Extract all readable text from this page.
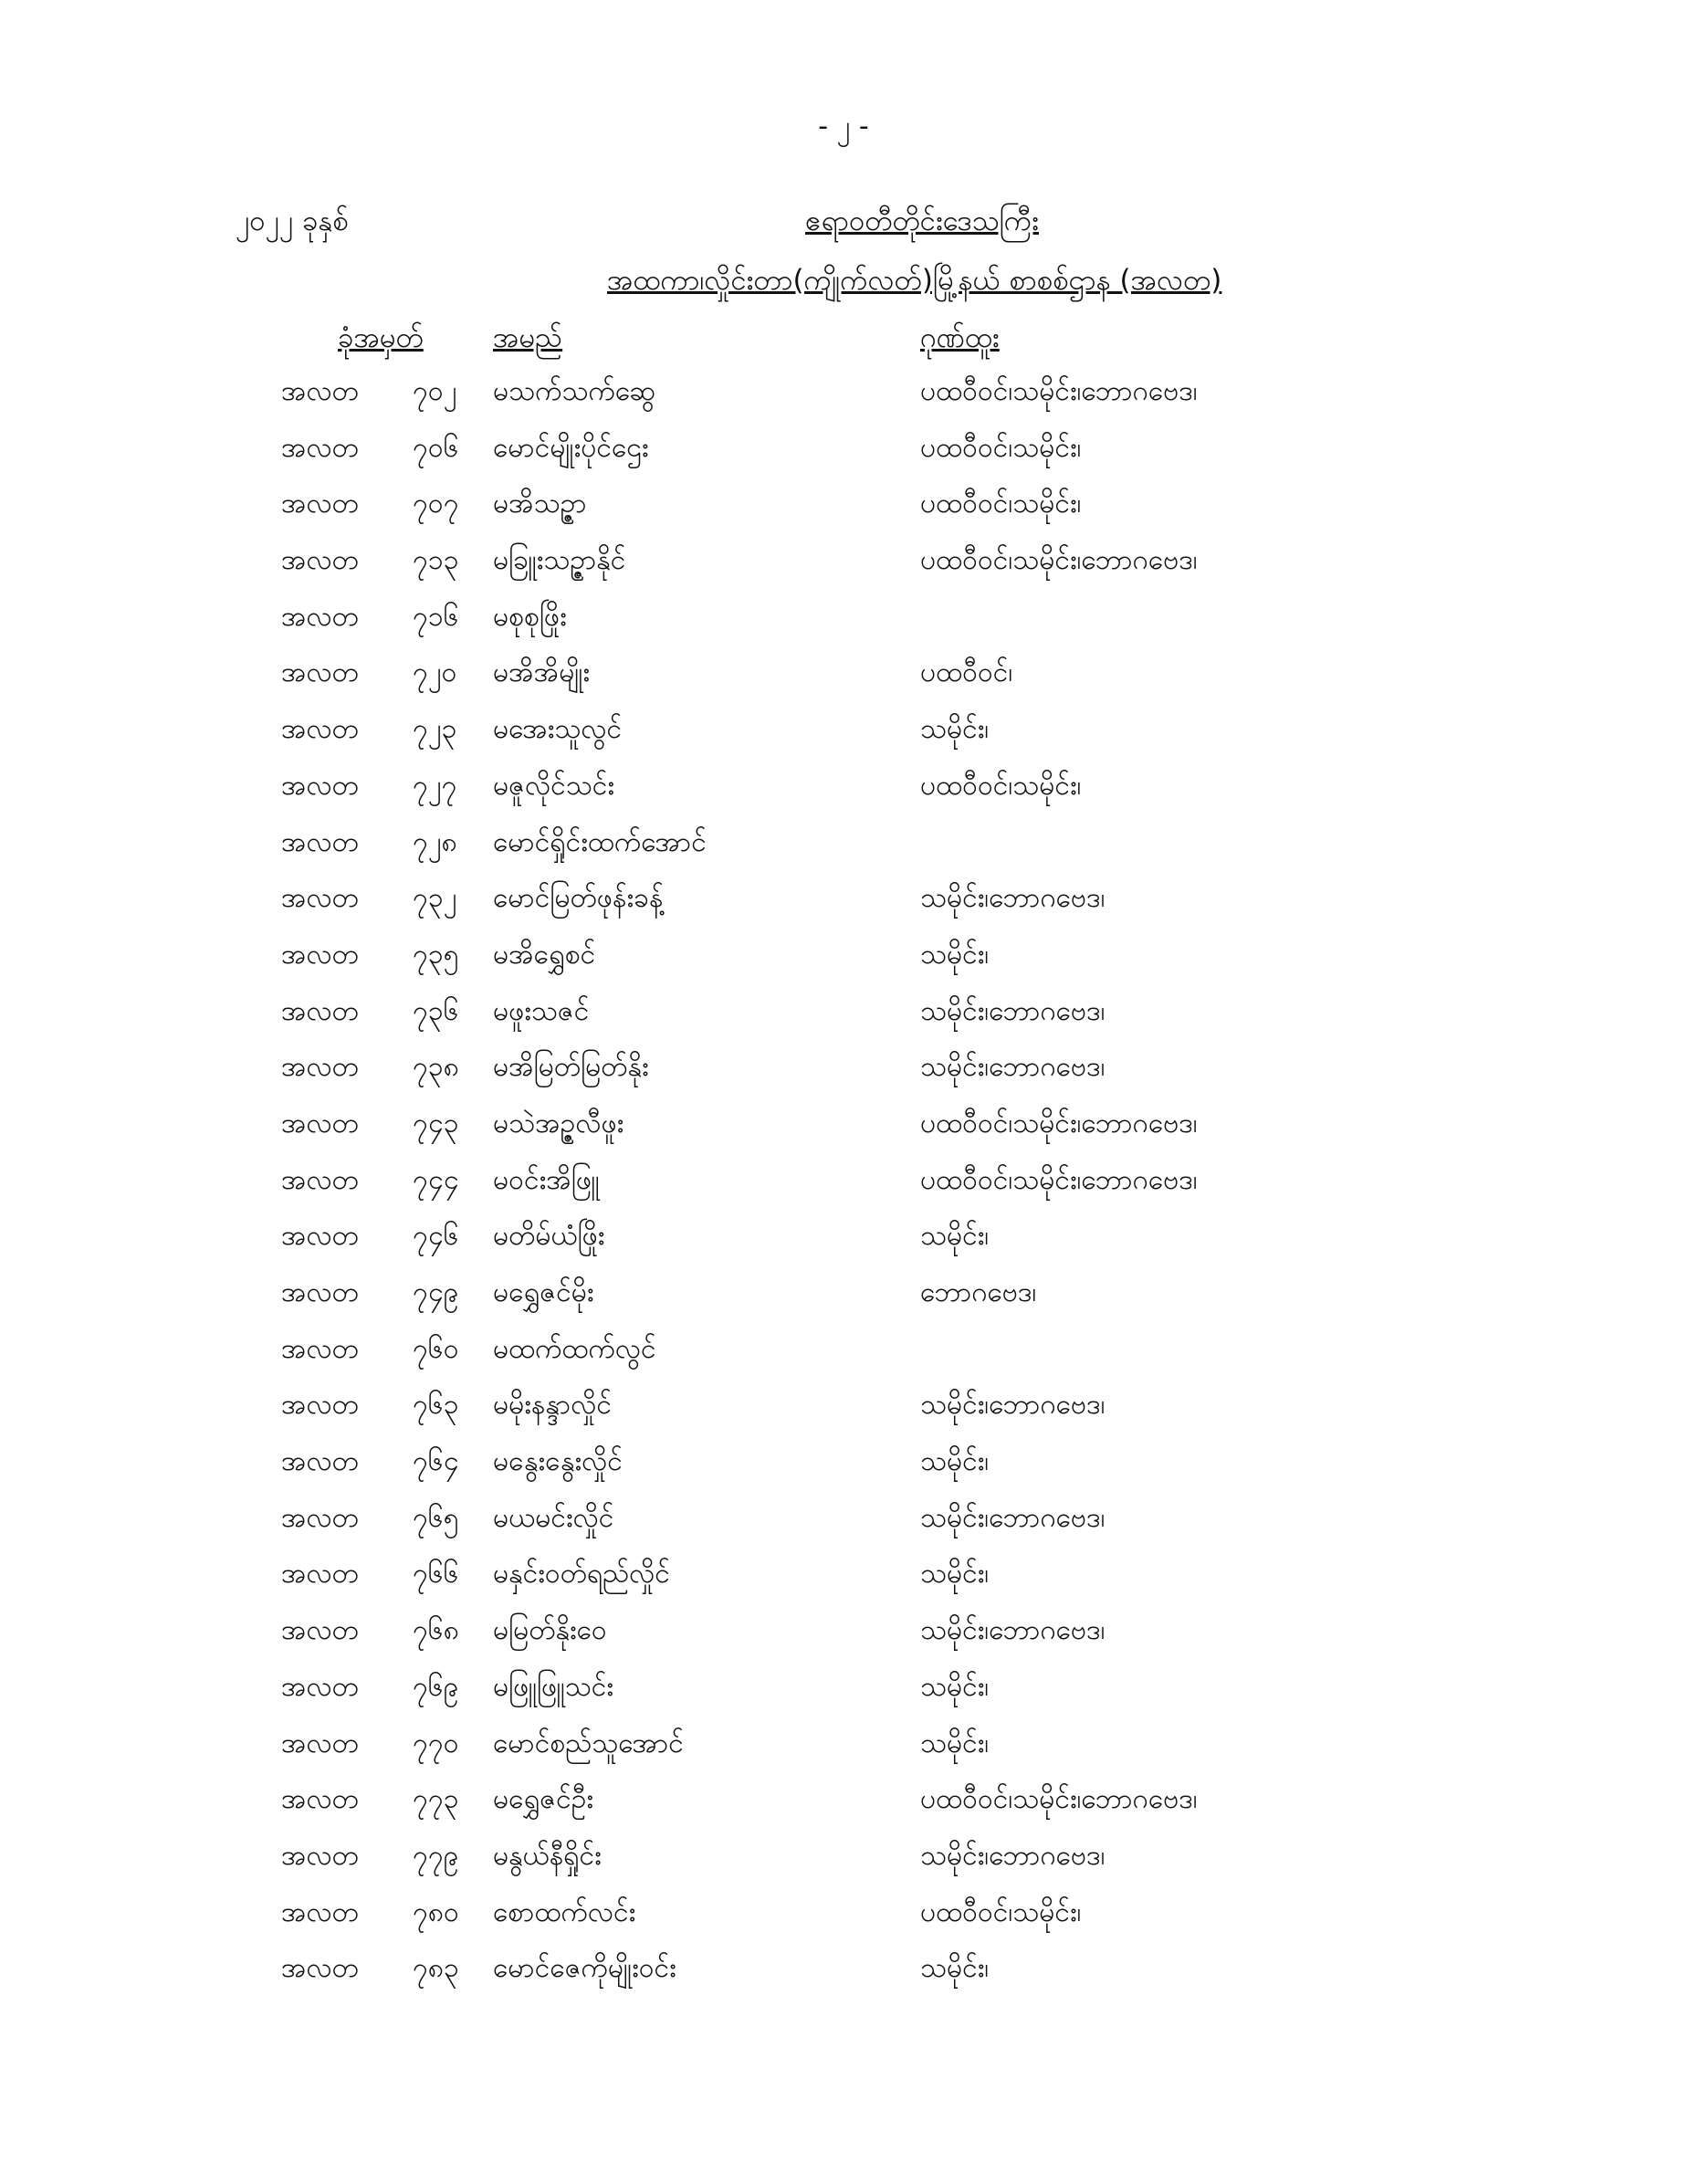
- ၂ -
၂၀၂၂ ခုနှစ်	ဧရာဝတီတိုင်းဒေသကြီး
အထကာ၊လှိုင်းတာ(ကျိုက်လတ်)မြို့နယ် စာစစ်ဌာန (အလတ)
ခုံအမှတ် အမည်	ဂုဏ်ထူး
အလတ ၇၀၂ မသက်သက်ဆွေ	ပထဝီဝင်၊သမိုင်း၊ဘောဂဗေဒ၊
အလတ ၇၀၆ မောင်မျိုးပိုင်ဌေး	ပထဝီဝင်၊သမိုင်း၊
အလတ ၇၀၇ မအိသဉ္ဇာ	ပထဝီဝင်၊သမိုင်း၊
အလတ ၇၁၃ မခြူးသဉ္ဇာနိုင်	ပထဝီဝင်၊သမိုင်း၊ဘောဂဗေဒ၊
အလတ ၇၁၆ မစုစုဖြိုး
အလတ ၇၂၀ မအိအိမျိုး	ပထဝီဝင်၊
အလတ ၇၂၃ မအေးသူလွင်	သမိုင်း၊
အလတ ၇၂၇ မဇူလိုင်သင်း	ပထဝီဝင်၊သမိုင်း၊
အလတ ၇၂၈ မောင်ရှိုင်းထက်အောင်
အလတ ၇၃၂ မောင်မြတ်ဖုန်းခန့်	သမိုင်း၊ဘောဂဗေဒ၊
အလတ ၇၃၅ မအိရွှေစင်	သမိုင်း၊
အလတ ၇၃၆ မဖူးသဇင်	သမိုင်း၊ဘောဂဗေဒ၊
အလတ ၇၃၈ မအိမြတ်မြတ်နိုး	သမိုင်း၊ဘောဂဗေဒ၊
အလတ ၇၄၃ မသဲအဥ္ဇလီဖူး	ပထဝီဝင်၊သမိုင်း၊ဘောဂဗေဒ၊
အလတ ၇၄၄ မဝင်းအိဖြူ	ပထဝီဝင်၊သမိုင်း၊ဘောဂဗေဒ၊
အလတ ၇၄၆ မတိမ်ယံဖြိုး	သမိုင်း၊
အလတ ၇၄၉ မရွှေဇင်မိုး	ဘောဂဗေဒ၊
အလတ ၇၆၀ မထက်ထက်လွင်
အလတ ၇၆၃ မမိုးနန္ဒာလှိုင်	သမိုင်း၊ဘောဂဗေဒ၊
အလတ ၇၆၄ မနွေးနွေးလှိုင်	သမိုင်း၊
အလတ ၇၆၅ မယမင်းလှိုင်	သမိုင်း၊ဘောဂဗေဒ၊
အလတ ၇၆၆ မနှင်းဝတ်ရည်လှိုင်	သမိုင်း၊
အလတ ၇၆၈ မမြတ်နိုးဝေ	သမိုင်း၊ဘောဂဗေဒ၊
အလတ ၇၆၉ မဖြူဖြူသင်း	သမိုင်း၊
အလတ ၇၇၀ မောင်စည်သူအောင်	သမိုင်း၊
အလတ ၇၇၃ မရွှေဇင်ဦး	ပထဝီဝင်၊သမိုင်း၊ဘောဂဗေဒ၊
အလတ ၇၇၉ မနွယ်နီရှိုင်း	သမိုင်း၊ဘောဂဗေဒ၊
အလတ ၇၈၀ စောထက်လင်း	ပထဝီဝင်၊သမိုင်း၊
အလတ ၇၈၃ မောင်ဇေကိုမျိုးဝင်း	သမိုင်း၊
